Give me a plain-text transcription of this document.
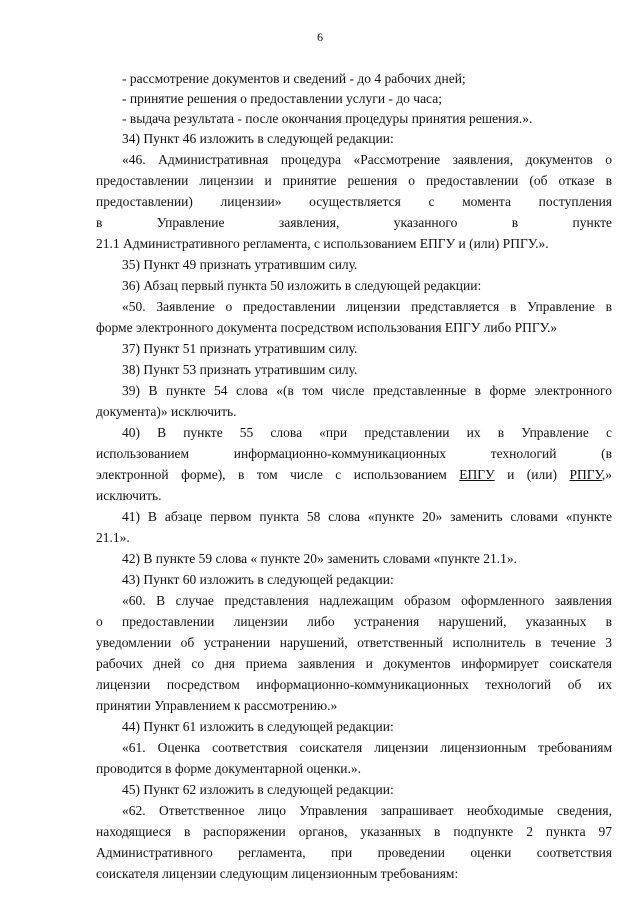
6
- рассмотрение документов и сведений - до 4 рабочих дней;
- принятие решения о предоставлении услуги - до часа;
- выдача результата - после окончания процедуры принятия решения.».
34) Пункт 46 изложить в следующей редакции:
«46. Административная процедура «Рассмотрение заявления, документов о
предоставлении лицензии и принятие решения о предоставлении (об отказе в
предоставлении) лицензии» осуществляется с момента поступления
в Управление заявления, указанного в пункте
21.1 Административного регламента, с использованием ЕПГУ и (или) РПГУ.».
35) Пункт 49 признать утратившим силу.
36) Абзац первый пункта 50 изложить в следующей редакции:
«50. Заявление о предоставлении лицензии представляется в Управление в
форме электронного документа посредством использования ЕПГУ либо РПГУ.»
37) Пункт 51 признать утратившим силу.
38) Пункт 53 признать утратившим силу.
39) В пункте 54 слова «(в том числе представленные в форме электронного
документа)» исключить.
40) В пункте 55 слова «при представлении их в Управление с
использованием информационно-коммуникационных технологий (в
электронной форме), в том числе с использованием ЕПГУ и (или) РПГУ,»
исключить.
41) В абзаце первом пункта 58 слова «пункте 20» заменить словами «пункте
21.1».
42) В пункте 59 слова « пункте 20» заменить словами «пункте 21.1».
43) Пункт 60 изложить в следующей редакции:
«60. В случае представления надлежащим образом оформленного заявления
о предоставлении лицензии либо устранения нарушений, указанных в
уведомлении об устранении нарушений, ответственный исполнитель в течение 3
рабочих дней со дня приема заявления и документов информирует соискателя
лицензии посредством информационно-коммуникационных технологий об их
принятии Управлением к рассмотрению.»
44) Пункт 61 изложить в следующей редакции:
«61. Оценка соответствия соискателя лицензии лицензионным требованиям
проводится в форме документарной оценки.».
45) Пункт 62 изложить в следующей редакции:
«62. Ответственное лицо Управления запрашивает необходимые сведения,
находящиеся в распоряжении органов, указанных в подпункте 2 пункта 97
Административного регламента, при проведении оценки соответствия
соискателя лицензии следующим лицензионным требованиям:
